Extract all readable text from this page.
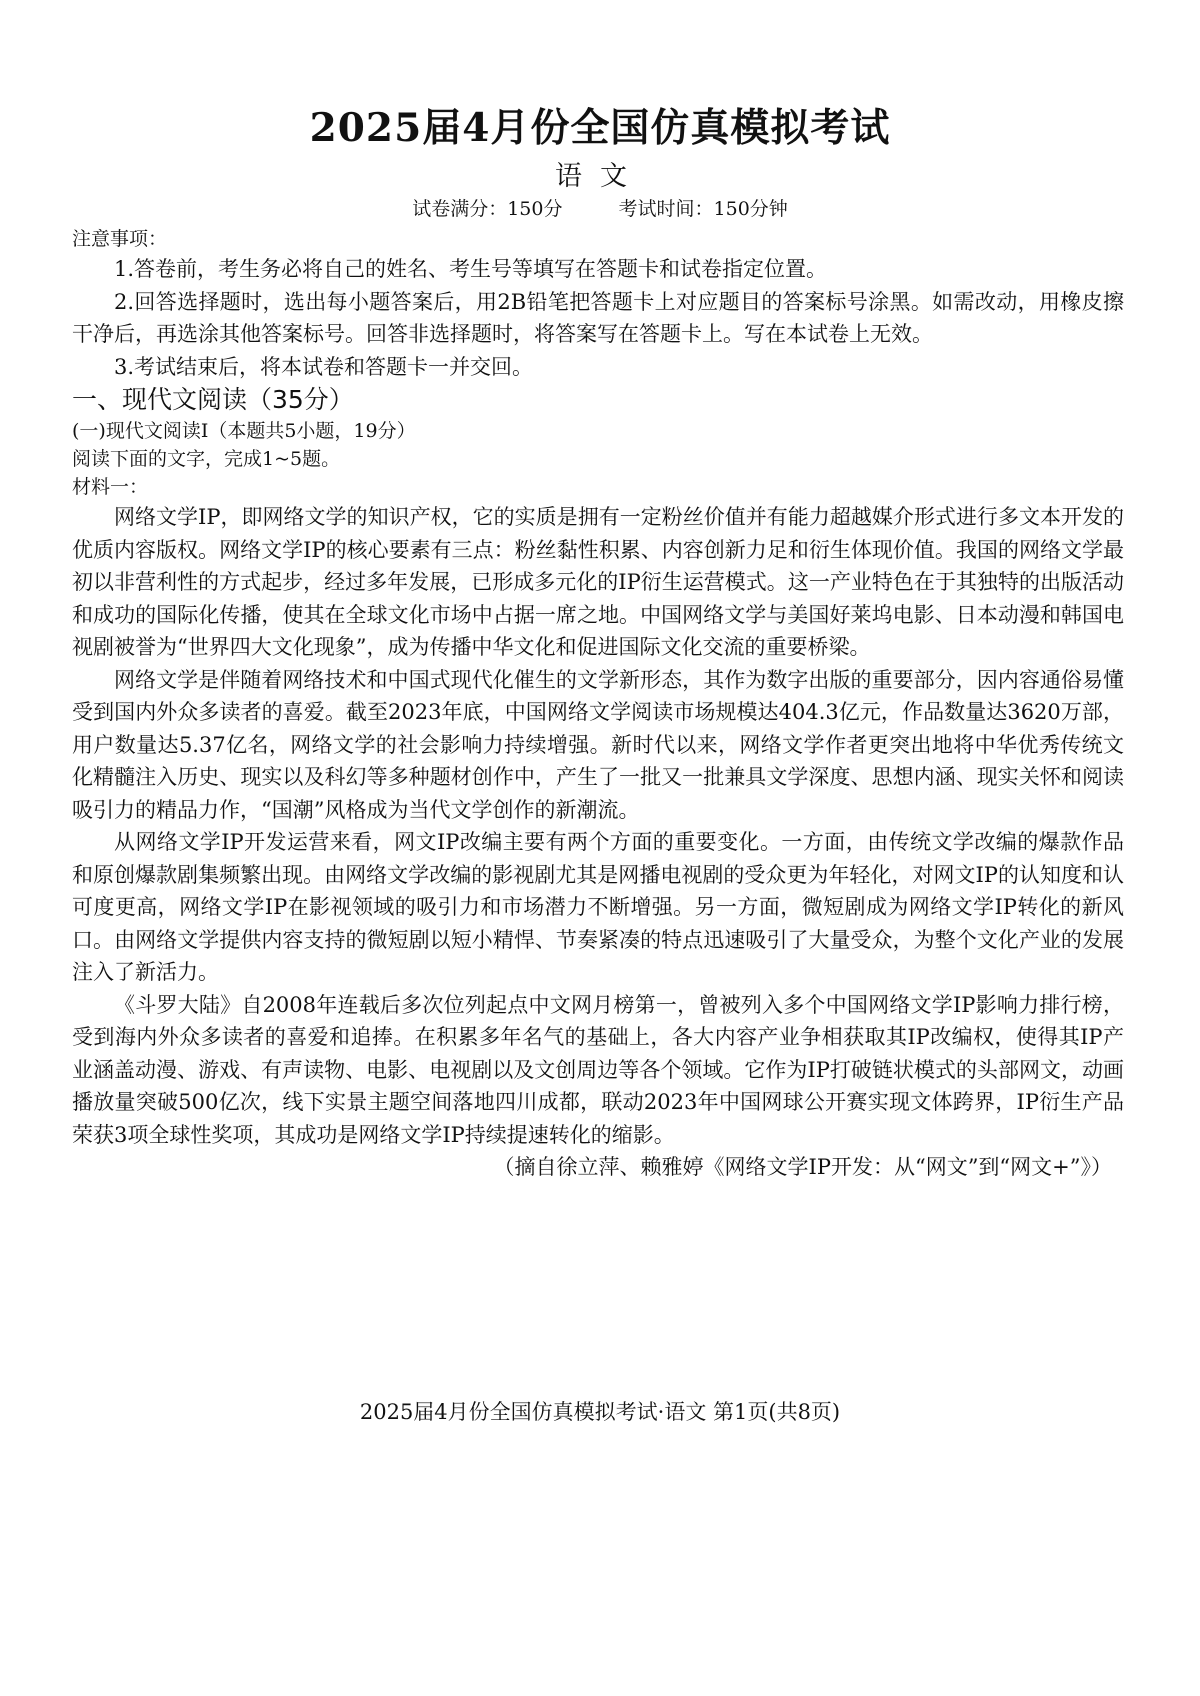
2025届4月份全国仿真模拟考试
语文
试卷满分：150分	考试时间：150分钟

注意事项：

1.答卷前，考生务必将自己的姓名、考生号等填写在答题卡和试卷指定位置。

2.回答选择题时，选出每小题答案后，用2B铅笔把答题卡上对应题目的答案标号涂黑。如需改动，用橡皮擦干净后，再选涂其他答案标号。回答非选择题时，将答案写在答题卡上。写在本试卷上无效。

3.考试结束后，将本试卷和答题卡一并交回。

一、现代文阅读（35分）

(一)现代文阅读Ⅰ（本题共5小题，19分）

阅读下面的文字，完成1~5题。

材料一：

网络文学IP，即网络文学的知识产权，它的实质是拥有一定粉丝价值并有能力超越媒介形式进行多文本开发的优质内容版权。网络文学IP的核心要素有三点：粉丝黏性积累、内容创新力足和衍生体现价值。我国的网络文学最初以非营利性的方式起步，经过多年发展，已形成多元化的IP衍生运营模式。这一产业特色在于其独特的出版活动和成功的国际化传播，使其在全球文化市场中占据一席之地。中国网络文学与美国好莱坞电影、日本动漫和韩国电视剧被誉为“世界四大文化现象”，成为传播中华文化和促进国际文化交流的重要桥梁。

网络文学是伴随着网络技术和中国式现代化催生的文学新形态，其作为数字出版的重要部分，因内容通俗易懂受到国内外众多读者的喜爱。截至2023年底，中国网络文学阅读市场规模达404.3亿元，作品数量达3620万部，用户数量达5.37亿名，网络文学的社会影响力持续增强。新时代以来，网络文学作者更突出地将中华优秀传统文化精髓注入历史、现实以及科幻等多种题材创作中，产生了一批又一批兼具文学深度、思想内涵、现实关怀和阅读吸引力的精品力作，“国潮”风格成为当代文学创作的新潮流。

从网络文学IP开发运营来看，网文IP改编主要有两个方面的重要变化。一方面，由传统文学改编的爆款作品和原创爆款剧集频繁出现。由网络文学改编的影视剧尤其是网播电视剧的受众更为年轻化，对网文IP的认知度和认可度更高，网络文学IP在影视领域的吸引力和市场潜力不断增强。另一方面，微短剧成为网络文学IP转化的新风口。由网络文学提供内容支持的微短剧以短小精悍、节奏紧凑的特点迅速吸引了大量受众，为整个文化产业的发展注入了新活力。

《斗罗大陆》自2008年连载后多次位列起点中文网月榜第一，曾被列入多个中国网络文学IP影响力排行榜，受到海内外众多读者的喜爱和追捧。在积累多年名气的基础上，各大内容产业争相获取其IP改编权，使得其IP产业涵盖动漫、游戏、有声读物、电影、电视剧以及文创周边等各个领域。它作为IP打破链状模式的头部网文，动画播放量突破500亿次，线下实景主题空间落地四川成都，联动2023年中国网球公开赛实现文体跨界，IP衍生产品荣获3项全球性奖项，其成功是网络文学IP持续提速转化的缩影。

（摘自徐立萍、赖雅婷《网络文学IP开发：从“网文”到“网文+”》）

2025届4月份全国仿真模拟考试·语文 第1页(共8页)
